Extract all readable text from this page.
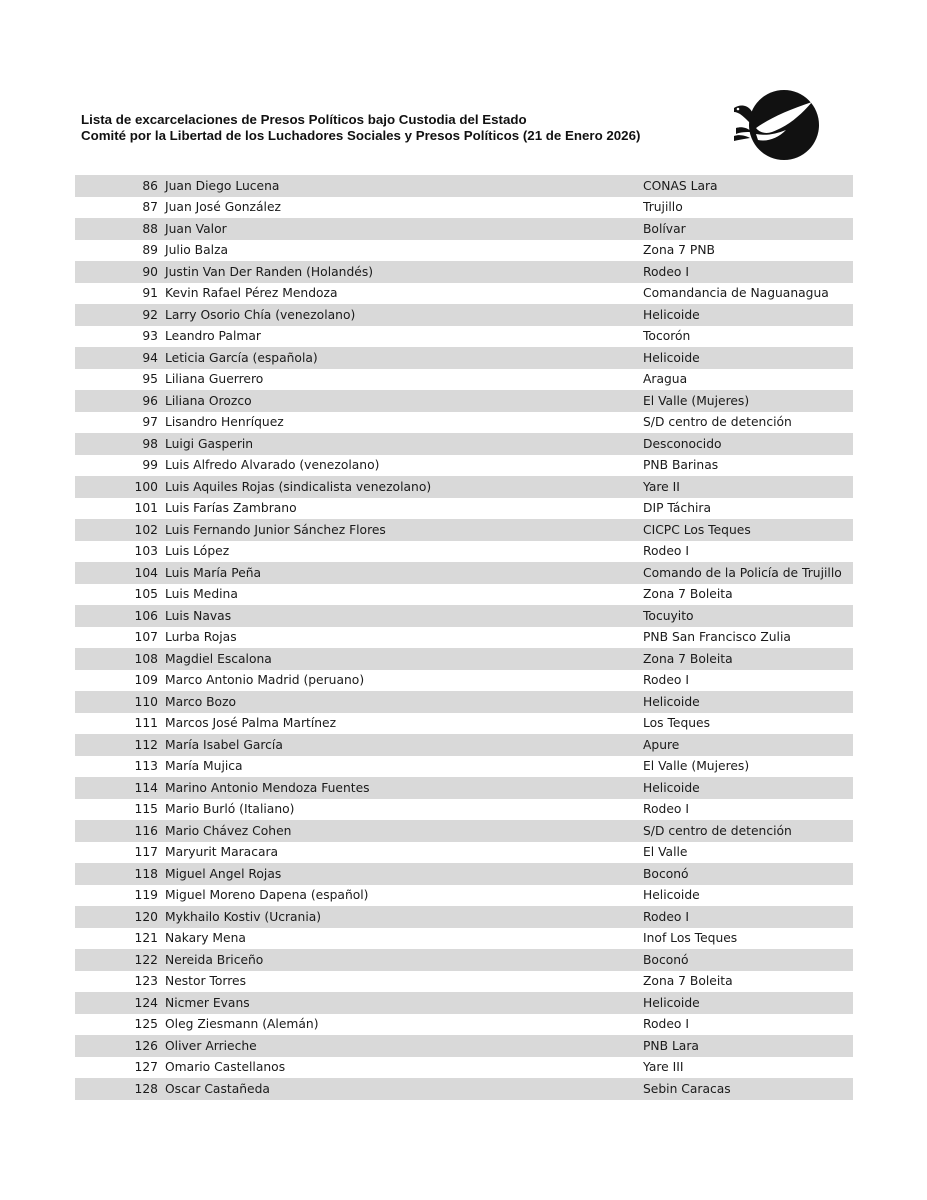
Lista de excarcelaciones de Presos Políticos bajo Custodia del Estado
Comité por la Libertad de los Luchadores Sociales y Presos Políticos (21 de Enero 2026)
86 Juan Diego Lucena	CONAS Lara
87 Juan José González	Trujillo
88 Juan Valor	Bolívar
89 Julio Balza	Zona 7 PNB
90 Justin Van Der Randen (Holandés)	Rodeo I
91 Kevin Rafael Pérez Mendoza	Comandancia de Naguanagua
92 Larry Osorio Chía (venezolano)	Helicoide
93 Leandro Palmar	Tocorón
94 Leticia García (española)	Helicoide
95 Liliana Guerrero	Aragua
96 Liliana Orozco	El Valle (Mujeres)
97 Lisandro Henríquez	S/D centro de detención
98 Luigi Gasperin	Desconocido
99 Luis Alfredo Alvarado (venezolano)	PNB Barinas
100 Luis Aquiles Rojas (sindicalista venezolano)	Yare II
101 Luis Farías Zambrano	DIP Táchira
102 Luis Fernando Junior Sánchez Flores	CICPC Los Teques
103 Luis López	Rodeo I
104 Luis María Peña	Comando de la Policía de Trujillo
105 Luis Medina	Zona 7 Boleita
106 Luis Navas	Tocuyito
107 Lurba Rojas	PNB San Francisco Zulia
108 Magdiel Escalona	Zona 7 Boleita
109 Marco Antonio Madrid (peruano)	Rodeo I
110 Marco Bozo	Helicoide
111 Marcos José Palma Martínez	Los Teques
112 María Isabel García	Apure
113 María Mujica	El Valle (Mujeres)
114 Marino Antonio Mendoza Fuentes	Helicoide
115 Mario Burló (Italiano)	Rodeo I
116 Mario Chávez Cohen	S/D centro de detención
117 Maryurit Maracara	El Valle
118 Miguel Angel Rojas	Boconó
119 Miguel Moreno Dapena (español)	Helicoide
120 Mykhailo Kostiv (Ucrania)	Rodeo I
121 Nakary Mena	Inof Los Teques
122 Nereida Briceño	Boconó
123 Nestor Torres	Zona 7 Boleita
124 Nicmer Evans	Helicoide
125 Oleg Ziesmann (Alemán)	Rodeo I
126 Oliver Arrieche	PNB Lara
127 Omario Castellanos	Yare III
128 Oscar Castañeda	Sebin Caracas
